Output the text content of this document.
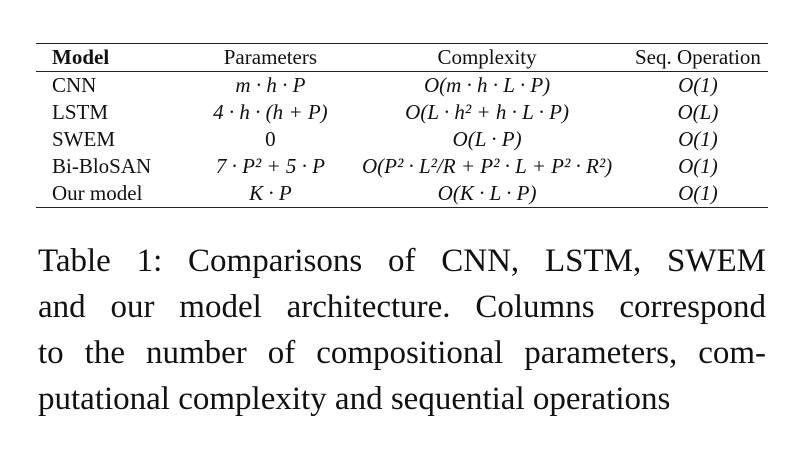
Model	Parameters	Complexity	Seq. Operation
CNN	m · h · P	O(m · h · L · P)	O(1)
LSTM	4 · h · (h + P)	O(L · h² + h · L · P)	O(L)
SWEM	0	O(L · P)	O(1)
Bi-BloSAN	7 · P² + 5 · P	O(P² · L²/R + P² · L + P² · R²)	O(1)
Our model	K · P	O(K · L · P)	O(1)

Table 1: Comparisons of CNN, LSTM, SWEM
and our model architecture. Columns correspond
to the number of compositional parameters, com-
putational complexity and sequential operations
